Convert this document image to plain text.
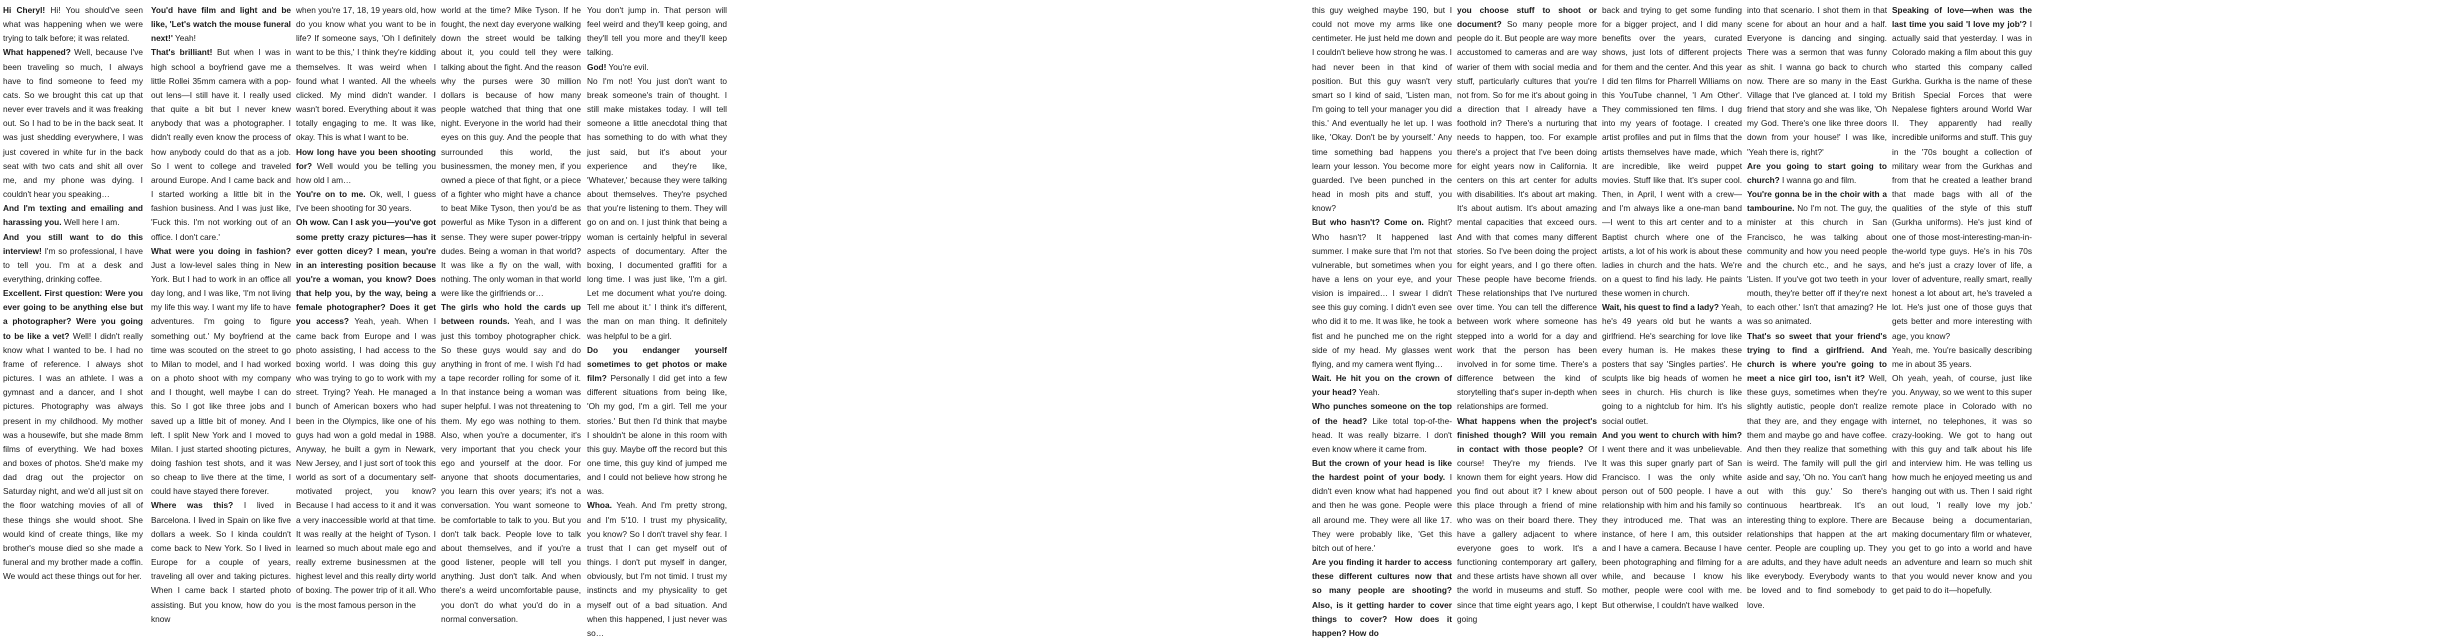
Hi Cheryl! Hi! You should've seen what was happening when we were trying to talk before; it was related.

What happened? Well, because I've been traveling so much, I always have to find someone to feed my cats. So we brought this cat up that never ever travels and it was freaking out. So I had to be in the back seat. It was just shedding everywhere, I was just covered in white fur in the back seat with two cats and shit all over me, and my phone was dying. I couldn't hear you speaking…

And I'm texting and emailing and harassing you. Well here I am.

And you still want to do this interview! I'm so professional, I have to tell you. I'm at a desk and everything, drinking coffee.

Excellent. First question: Were you ever going to be anything else but a photographer? Were you going to be like a vet? Well! I didn't really know what I wanted to be. I had no frame of reference. I always shot pictures. I was an athlete. I was a gymnast and a dancer, and I shot pictures. Photography was always present in my childhood. My mother was a housewife, but she made 8mm films of everything. We had boxes and boxes of photos. She'd make my dad drag out the projector on Saturday night, and we'd all just sit on the floor watching movies of all of these things she would shoot. She would kind of create things, like my brother's mouse died so she made a funeral and my brother made a coffin. We would act these things out for her.

You'd have film and light and be like, 'Let's watch the mouse funeral next!' Yeah!

That's brilliant! But when I was in high school a boyfriend gave me a little Rollei 35mm camera with a pop-out lens—I still have it. I really used that quite a bit but I never knew anybody that was a photographer. I didn't really even know the process of how anybody could do that as a job. So I went to college and traveled around Europe. And I came back and I started working a little bit in the fashion business. And I was just like, 'Fuck this. I'm not working out of an office. I don't care.'

What were you doing in fashion? Just a low-level sales thing in New York. But I had to work in an office all day long, and I was like, 'I'm not living my life this way. I want my life to have adventures. I'm going to figure something out.' My boyfriend at the time was scouted on the street to go to Milan to model, and I had worked on a photo shoot with my company and I thought, well maybe I can do this. So I got like three jobs and I saved up a little bit of money. And I left. I split New York and I moved to Milan. I just started shooting pictures, doing fashion test shots, and it was so cheap to live there at the time, I could have stayed there forever.

Where was this? I lived in Barcelona. I lived in Spain on like five dollars a week. So I kinda couldn't come back to New York. So I lived in Europe for a couple of years, traveling all over and taking pictures. When I came back I started photo assisting. But you know, how do you know

when you're 17, 18, 19 years old, how do you know what you want to be in life? If someone says, 'Oh I definitely want to be this,' I think they're kidding themselves. It was weird when I found what I wanted. All the wheels clicked. My mind didn't wander. I wasn't bored. Everything about it was totally engaging to me. It was like, okay. This is what I want to be.

How long have you been shooting for? Well would you be telling you how old I am…

You're on to me. Ok, well, I guess I've been shooting for 30 years.

Oh wow. Can I ask you—you've got some pretty crazy pictures—has it ever gotten dicey? I mean, you're in an interesting position because you're a woman, you know? Does that help you, by the way, being a female photographer? Does it get you access? Yeah, yeah. When I came back from Europe and I was photo assisting, I had access to the boxing world. I was doing this guy who was trying to go to work with my street. Trying? Yeah. He managed a bunch of American boxers who had been in the Olympics, like one of his guys had won a gold medal in 1988. Anyway, he built a gym in Newark, New Jersey, and I just sort of took this world as sort of a documentary self-motivated project, you know? Because I had access to it and it was a very inaccessible world at that time. It was really at the height of Tyson. I learned so much about male ego and really extreme businessmen at the highest level and this really dirty world of boxing. The power trip of it all. Who is the most famous person in the

world at the time? Mike Tyson. If he fought, the next day everyone walking down the street would be talking about it, you could tell they were talking about the fight. And the reason why the purses were 30 million dollars is because of how many people watched that thing that one night. Everyone in the world had their eyes on this guy. And the people that surrounded this world, the businessmen, the money men, if you owned a piece of that fight, or a piece of a fighter who might have a chance to beat Mike Tyson, then you'd be as powerful as Mike Tyson in a different sense. They were super power-trippy dudes. Being a woman in that world? It was like a fly on the wall, with nothing. The only woman in that world were like the girlfriends or…

The girls who hold the cards up between rounds. Yeah, and I was just this tomboy photographer chick. So these guys would say and do anything in front of me. I wish I'd had a tape recorder rolling for some of it. In that instance being a woman was super helpful. I was not threatening to them. My ego was nothing to them. Also, when you're a documenter, it's very important that you check your ego and yourself at the door. For anyone that shoots documentaries, you learn this over years; it's not a conversation. You want someone to be comfortable to talk to you. But you don't talk back. People love to talk about themselves, and if you're a good listener, people will tell you anything. Just don't talk. And when there's a weird uncomfortable pause, you don't do what you'd do in a normal conversation.

You don't jump in. That person will feel weird and they'll keep going, and they'll tell you more and they'll keep talking.

God! You're evil.

No I'm not! You just don't want to break someone's train of thought. I still make mistakes today. I will tell someone a little anecdotal thing that has something to do with what they just said, but it's about your experience and they're like, 'Whatever,' because they were talking about themselves. They're psyched that you're listening to them. They will go on and on. I just think that being a woman is certainly helpful in several aspects of documentary. After the boxing, I documented graffiti for a long time. I was just like, 'I'm a girl. Let me document what you're doing. Tell me about it.' I think it's different, the man on man thing. It definitely was helpful to be a girl.

Do you endanger yourself sometimes to get photos or make film? Personally I did get into a few different situations from being like, 'Oh my god, I'm a girl. Tell me your stories.' But then I'd think that maybe I shouldn't be alone in this room with this guy. Maybe off the record but this one time, this guy kind of jumped me and I could not believe how strong he was.

Whoa. Yeah. And I'm pretty strong, and I'm 5'10. I trust my physicality, you know? So I don't travel shy fear. I trust that I can get myself out of things. I don't put myself in danger, obviously, but I'm not timid. I trust my instincts and my physicality to get myself out of a bad situation. And when this happened, I just never was so…

this guy weighed maybe 190, but I could not move my arms like one centimeter. He just held me down and I couldn't believe how strong he was. I had never been in that kind of position. But this guy wasn't very smart so I kind of said, 'Listen man, I'm going to tell your manager you did this.' And eventually he let up. I was like, 'Okay. Don't be by yourself.' Any time something bad happens you learn your lesson. You become more guarded. I've been punched in the head in mosh pits and stuff, you know?

But who hasn't? Come on. Right? Who hasn't? It happened last summer. I make sure that I'm not that vulnerable, but sometimes when you have a lens on your eye, and your vision is impaired… I swear I didn't see this guy coming. I didn't even see who did it to me. It was like, he took a fist and he punched me on the right side of my head. My glasses went flying, and my camera went flying…

Wait. He hit you on the crown of your head? Yeah.

Who punches someone on the top of the head? Like total top-of-the-head. It was really bizarre. I don't even know where it came from.

But the crown of your head is like the hardest point of your body. I didn't even know what had happened and then he was gone. People were all around me. They were all like 17. They were probably like, 'Get this bitch out of here.'

Are you finding it harder to access these different cultures now that so many people are shooting? Also, is it getting harder to cover things to cover? How does it happen? How do

you choose stuff to shoot or document? So many people more people do it. But people are way more accustomed to cameras and are way warier of them with social media and stuff, particularly cultures that you're not from. So for me it's about going in a direction that I already have a foothold in? There's a nurturing that needs to happen, too. For example there's a project that I've been doing for eight years now in California. It centers on this art center for adults with disabilities. It's about art making. It's about autism. It's about amazing mental capacities that exceed ours. And with that comes many different stories. So I've been doing the project for eight years, and I go there often. These people have become friends. These relationships that I've nurtured over time. You can tell the difference between work where someone has stepped into a world for a day and work that the person has been involved in for some time. There's a difference between the kind of storytelling that's super in-depth when relationships are formed.

What happens when the project's finished though? Will you remain in contact with those people? Of course! They're my friends. I've known them for eight years. How did you find out about it? I knew about this place through a friend of mine who was on their board there. They have a gallery adjacent to where everyone goes to work. It's a functioning contemporary art gallery, and these artists have shown all over the world in museums and stuff. So since that time eight years ago, I kept going

back and trying to get some funding for a bigger project, and I did many benefits over the years, curated shows, just lots of different projects for them and the center. And this year I did ten films for Pharrell Williams on this YouTube channel, 'I Am Other'. They commissioned ten films. I dug into my years of footage. I created artist profiles and put in films that the artists themselves have made, which are incredible, like weird puppet movies. Stuff like that. It's super cool. Then, in April, I went with a crew—and I'm always like a one-man band—I went to this art center and to a Baptist church where one of the artists, a lot of his work is about these ladies in church and the hats. We're on a quest to find his lady. He paints these women in church.

Wait, his quest to find a lady? Yeah, he's 49 years old but he wants a girlfriend. He's searching for love like every human is. He makes these posters that say 'Singles parties'. He sculpts like big heads of women he sees in church. His church is like going to a nightclub for him. It's his social outlet.

And you went to church with him? I went there and it was unbelievable. It was this super gnarly part of San Francisco. I was the only white person out of 500 people. I have a relationship with him and his family so they introduced me. That was an instance, of here I am, this outsider and I have a camera. Because I have been photographing and filming for a while, and because I know his mother, people were cool with me. But otherwise, I couldn't have walked

into that scenario. I shot them in that scene for about an hour and a half. Everyone is dancing and singing. There was a sermon that was funny as shit. I wanna go back to church now. There are so many in the East Village that I've glanced at. I told my friend that story and she was like, 'Oh my God. There's one like three doors down from your house!' I was like, 'Yeah there is, right?'

Are you going to start going to church? I wanna go and film.

You're gonna be in the choir with a tambourine. No I'm not. The guy, the minister at this church in San Francisco, he was talking about community and how you need people and the church etc., and he says, 'Listen. If you've got two teeth in your mouth, they're better off if they're next to each other.' Isn't that amazing? He was so animated.

That's so sweet that your friend's trying to find a girlfriend. And church is where you're going to meet a nice girl too, isn't it? Well, these guys, sometimes when they're slightly autistic, people don't realize that they are, and they engage with them and maybe go and have coffee. And then they realize that something is weird. The family will pull the girl aside and say, 'Oh no. You can't hang out with this guy.' So there's continuous heartbreak. It's an interesting thing to explore. There are relationships that happen at the art center. People are coupling up. They are adults, and they have adult needs like everybody. Everybody wants to be loved and to find somebody to love.

Speaking of love—when was the last time you said 'I love my job'? I actually said that yesterday. I was in Colorado making a film about this guy who started this company called Gurkha. Gurkha is the name of these British Special Forces that were Nepalese fighters around World War II. They apparently had really incredible uniforms and stuff. This guy in the '70s bought a collection of military wear from the Gurkhas and from that he created a leather brand that made bags with all of the qualities of the style of this stuff (Gurkha uniforms). He's just kind of one of those most-interesting-man-in-the-world type guys. He's in his 70s and he's just a crazy lover of life, a lover of adventure, really smart, really honest a lot about art, he's traveled a lot. He's just one of those guys that gets better and more interesting with age, you know?

Yeah, me. You're basically describing me in about 35 years.

Oh yeah, yeah, of course, just like you. Anyway, so we went to this super remote place in Colorado with no internet, no telephones, it was so crazy-looking. We got to hang out with this guy and talk about his life and interview him. He was telling us how much he enjoyed meeting us and hanging out with us. Then I said right out loud, 'I really love my job.' Because being a documentarian, making documentary film or whatever, you get to go into a world and have an adventure and learn so much shit that you would never know and you get paid to do it—hopefully.
